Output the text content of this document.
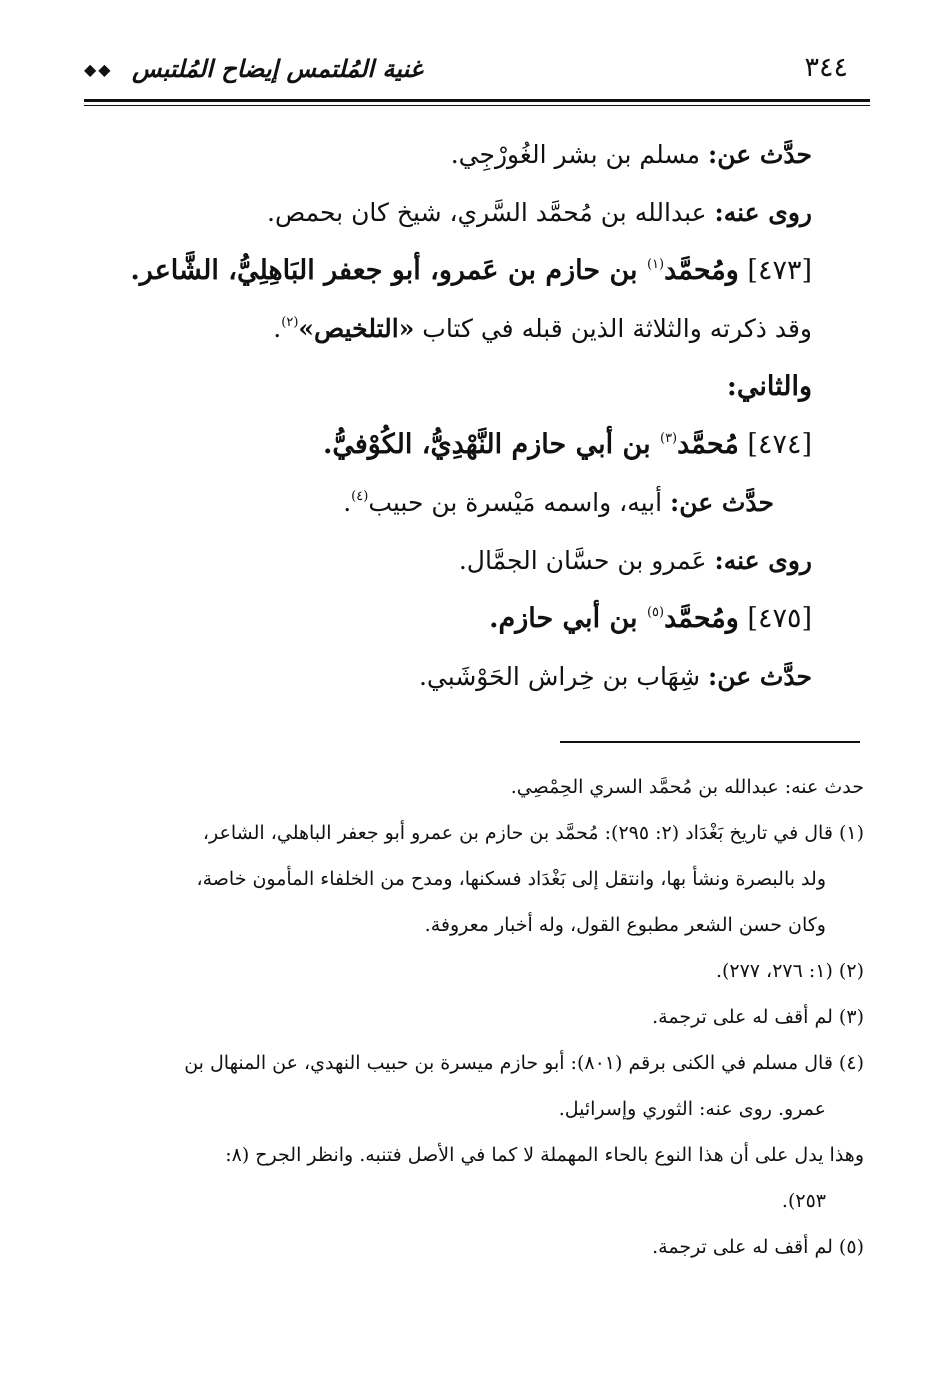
٣٤٤
غنية المُلتمس إيضاح المُلتبس
◆◆
حدَّث عن: مسلم بن بشر الغُورْجِي.
روى عنه: عبدالله بن مُحمَّد السَّري، شيخ كان بحمص.
[٤٧٣] ومُحمَّد$^{(١)}$ بن حازم بن عَمرو، أبو جعفر البَاهِلِيُّ، الشَّاعر.
وقد ذكرته والثلاثة الذين قبله في كتاب «التلخيص»$^{(٢)}$.
والثاني:
[٤٧٤] مُحمَّد$^{(٣)}$ بن أبي حازم النَّهْدِيُّ، الكُوْفيُّ.
حدَّث عن: أبيه، واسمه مَيْسرة بن حبيب$^{(٤)}$.
روى عنه: عَمرو بن حسَّان الجمَّال.
[٤٧٥] ومُحمَّد$^{(٥)}$ بن أبي حازم.
حدَّث عن: شِهَاب بن خِراش الحَوْشَبي.
حدث عنه: عبدالله بن مُحمَّد السري الحِمْصِي.
(١) قال في تاريخ بَغْدَاد (٢: ٢٩٥): مُحمَّد بن حازم بن عمرو أبو جعفر الباهلي، الشاعر،
ولد بالبصرة ونشأ بها، وانتقل إلى بَغْدَاد فسكنها، ومدح من الخلفاء المأمون خاصة،
وكان حسن الشعر مطبوع القول، وله أخبار معروفة.
(٢) (١: ٢٧٦، ٢٧٧).
(٣) لم أقف له على ترجمة.
(٤) قال مسلم في الكنى برقم (٨٠١): أبو حازم ميسرة بن حبيب النهدي، عن المنهال بن
عمرو. روى عنه: الثوري وإسرائيل.
وهذا يدل على أن هذا النوع بالحاء المهملة لا كما في الأصل فتنبه. وانظر الجرح (٨:
٢٥٣).
(٥) لم أقف له على ترجمة.
